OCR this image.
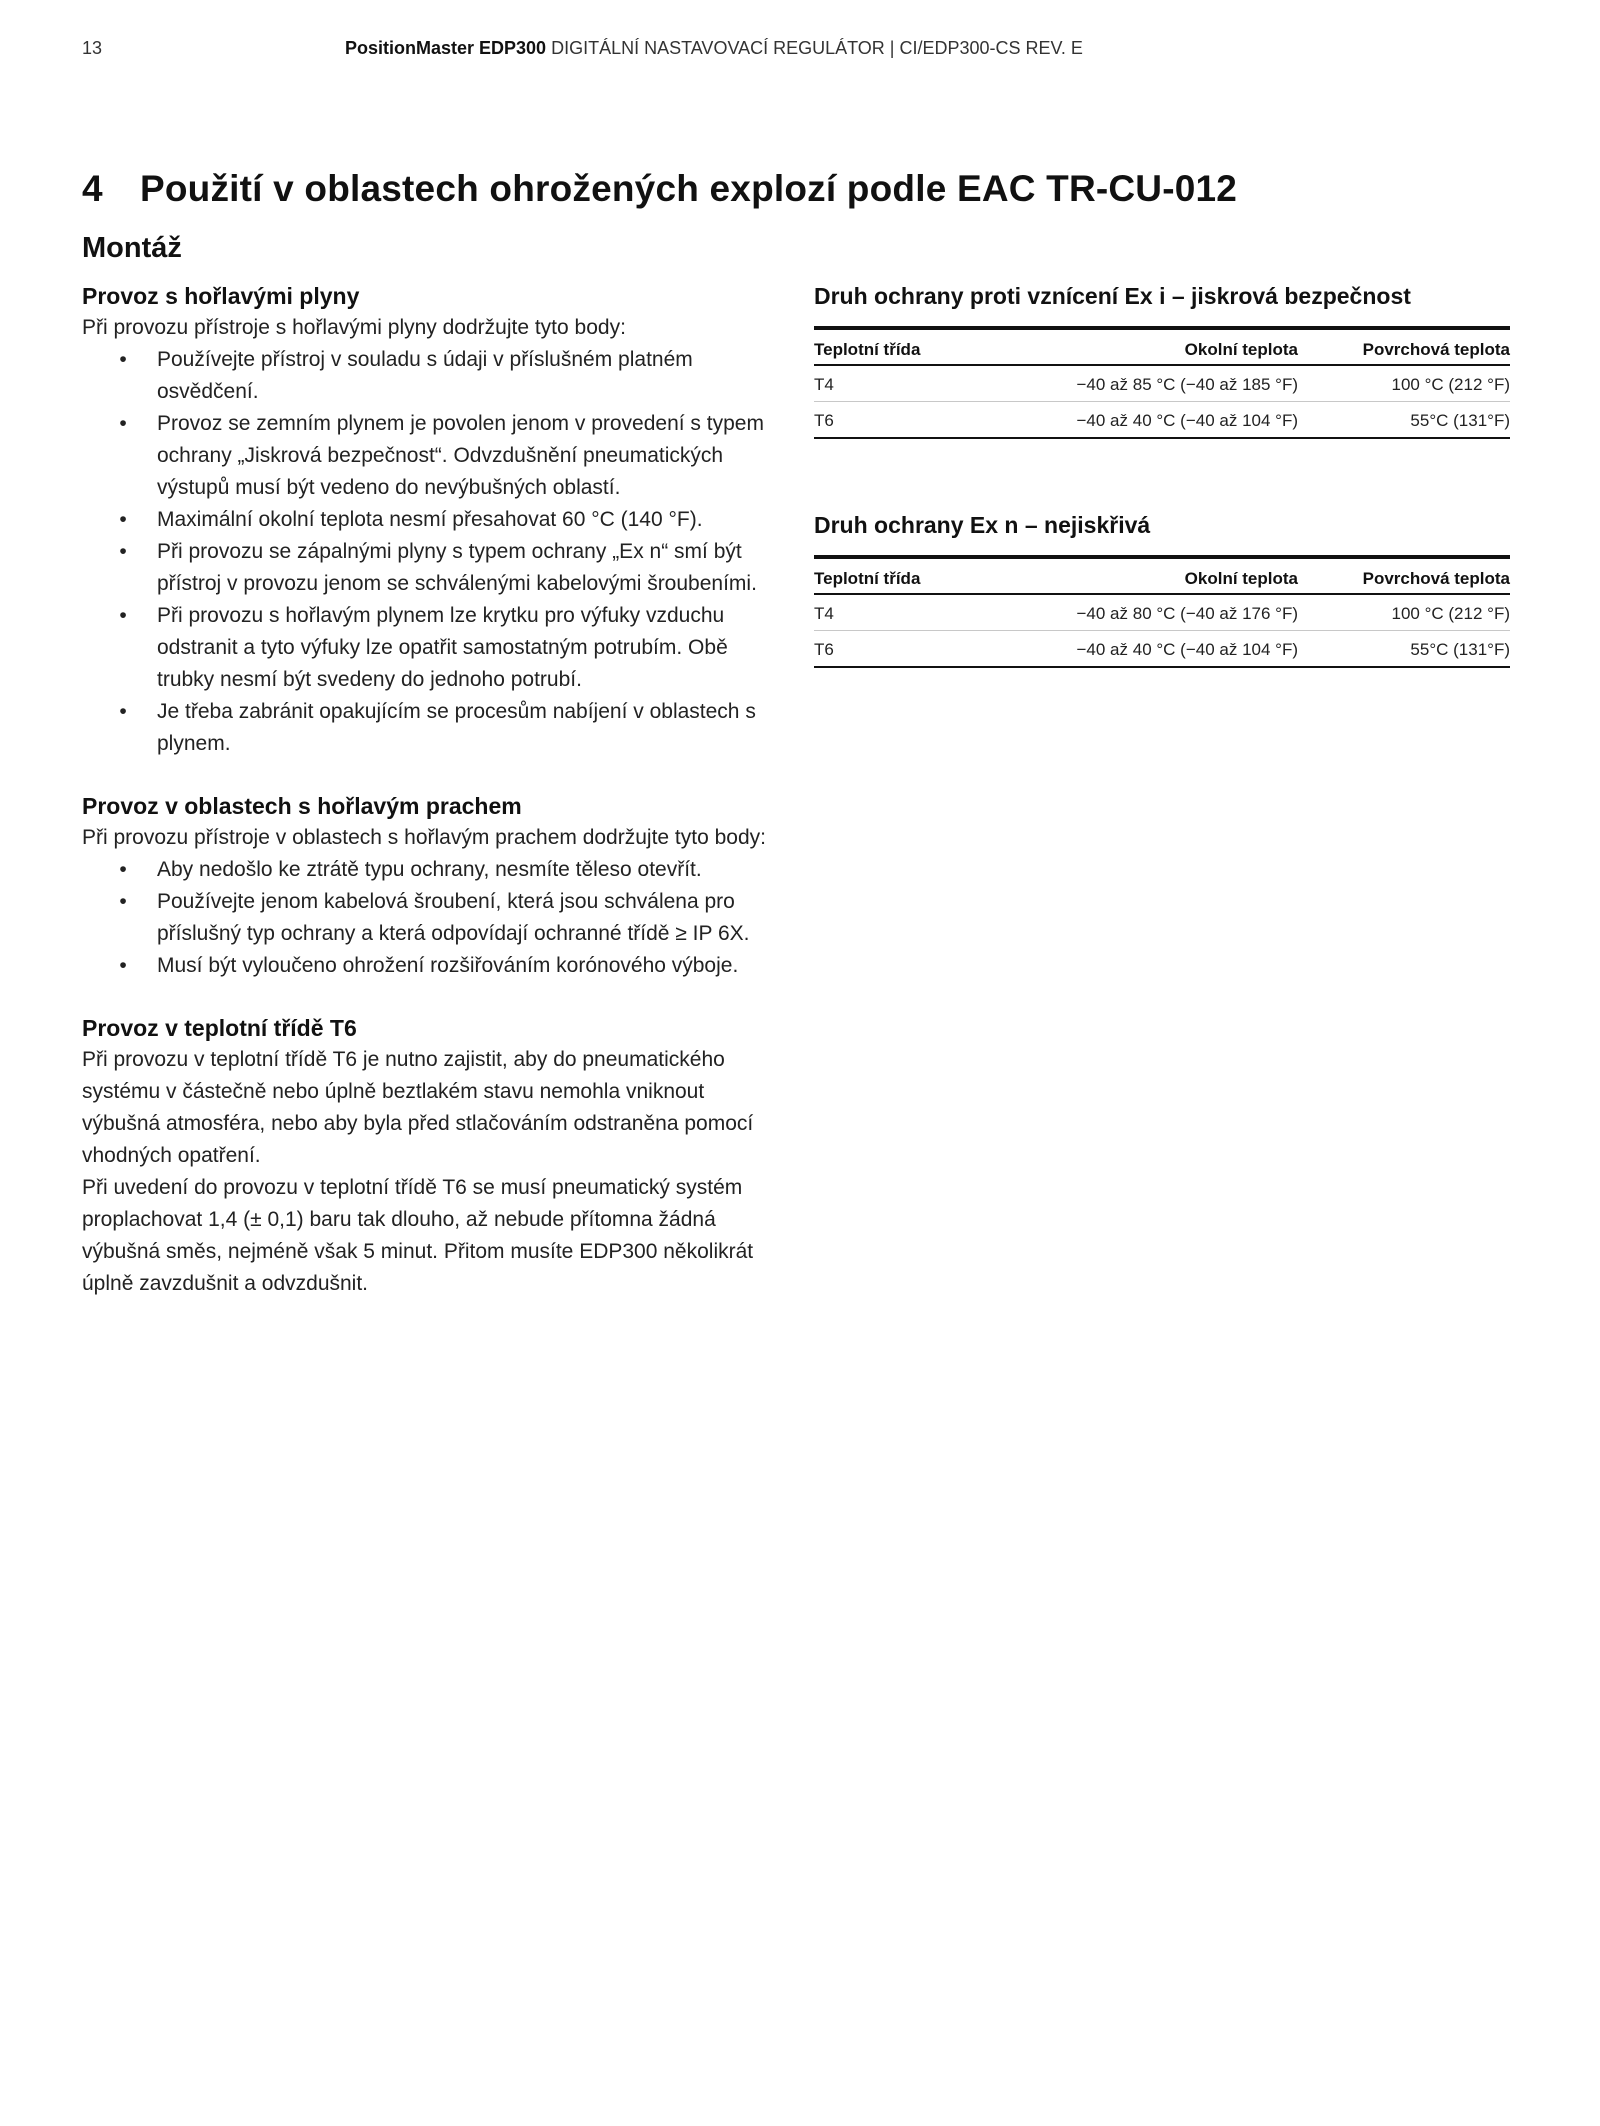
13	PositionMaster EDP300 DIGITÁLNÍ NASTAVOVACÍ REGULÁTOR | CI/EDP300-CS REV. E
4 Použití v oblastech ohrožených explozí podle EAC TR-CU-012
Montáž
Provoz s hořlavými plyny

Při provozu přístroje s hořlavými plyny dodržujte tyto body:

• Používejte přístroj v souladu s údaji v příslušném platném osvědčení.
• Provoz se zemním plynem je povolen jenom v provedení s typem ochrany „Jiskrová bezpečnost“. Odvzdušnění pneumatických výstupů musí být vedeno do nevýbušných oblastí.
• Maximální okolní teplota nesmí přesahovat 60 °C (140 °F).
• Při provozu se zápalnými plyny s typem ochrany „Ex n“ smí být přístroj v provozu jenom se schválenými kabelovými šroubeními.
• Při provozu s hořlavým plynem lze krytku pro výfuky vzduchu odstranit a tyto výfuky lze opatřit samostatným potrubím. Obě trubky nesmí být svedeny do jednoho potrubí.
• Je třeba zabránit opakujícím se procesům nabíjení v oblastech s plynem.
Provoz v oblastech s hořlavým prachem

Při provozu přístroje v oblastech s hořlavým prachem dodržujte tyto body:

• Aby nedošlo ke ztrátě typu ochrany, nesmíte těleso otevřít.
• Používejte jenom kabelová šroubení, která jsou schválena pro příslušný typ ochrany a která odpovídají ochranné třídě ≥ IP 6X.
• Musí být vyloučeno ohrožení rozšiřováním korónového výboje.
Provoz v teplotní třídě T6

Při provozu v teplotní třídě T6 je nutno zajistit, aby do pneumatického systému v částečně nebo úplně beztlakém stavu nemohla vniknout výbušná atmosféra, nebo aby byla před stlačováním odstraněna pomocí vhodných opatření.

Při uvedení do provozu v teplotní třídě T6 se musí pneumatický systém proplachovat 1,4 (± 0,1) baru tak dlouho, až nebude přítomna žádná výbušná směs, nejméně však 5 minut. Přitom musíte EDP300 několikrát úplně zavzdušnit a odvzdušnit.

Druh ochrany proti vznícení Ex i – jiskrová bezpečnost
Teplotní třída	Okolní teplota	Povrchová teplota
T4	−40 až 85 °C (−40 až 185 °F)	100 °C (212 °F)
T6	−40 až 40 °C (−40 až 104 °F)	55°C (131°F)
Druh ochrany Ex n – nejiskřivá
Teplotní třída	Okolní teplota	Povrchová teplota
T4	−40 až 80 °C (−40 až 176 °F)	100 °C (212 °F)
T6	−40 až 40 °C (−40 až 104 °F)	55°C (131°F)
